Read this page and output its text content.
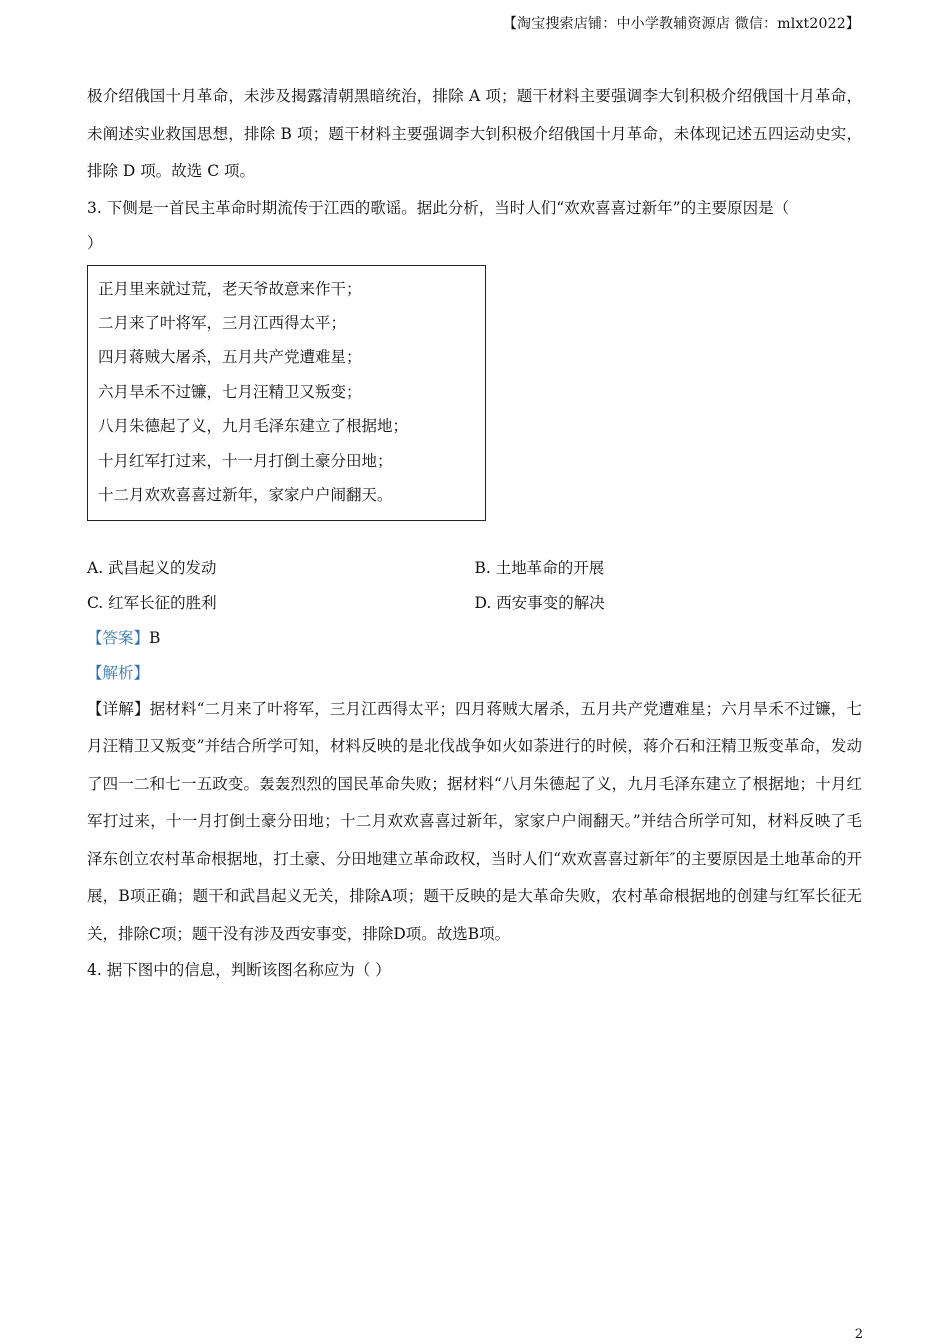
【淘宝搜索店铺：中小学教辅资源店 微信：mlxt2022】

极介绍俄国十月革命，未涉及揭露清朝黑暗统治，排除 A 项；题干材料主要强调李大钊积极介绍俄国十月革命，未阐述实业救国思想，排除 B 项；题干材料主要强调李大钊积极介绍俄国十月革命，未体现记述五四运动史实，排除 D 项。故选 C 项。

3. 下侧是一首民主革命时期流传于江西的歌谣。据此分析，当时人们“欢欢喜喜过新年”的主要原因是（
）

正月里来就过荒，老天爷故意来作干；

二月来了叶将军，三月江西得太平；

四月蒋贼大屠杀，五月共产党遭难星；

六月旱禾不过镰，七月汪精卫又叛变；

八月朱德起了义，九月毛泽东建立了根据地；

十月红军打过来，十一月打倒土豪分田地；

十二月欢欢喜喜过新年，家家户户闹翻天。

A. 武昌起义的发动	B. 土地革命的开展
C. 红军长征的胜利	D. 西安事变的解决

【答案】B

【解析】

【详解】据材料“二月来了叶将军，三月江西得太平；四月蒋贼大屠杀，五月共产党遭难星；六月旱禾不过镰，七月汪精卫又叛变”并结合所学可知，材料反映的是北伐战争如火如荼进行的时候，蒋介石和汪精卫叛变革命，发动了四一二和七一五政变。轰轰烈烈的国民革命失败；据材料“八月朱德起了义，九月毛泽东建立了根据地；十月红军打过来，十一月打倒土豪分田地；十二月欢欢喜喜过新年，家家户户闹翻天。”并结合所学可知，材料反映了毛泽东创立农村革命根据地，打土豪、分田地建立革命政权，当时人们“欢欢喜喜过新年″的主要原因是土地革命的开展，B项正确；题干和武昌起义无关，排除A项；题干反映的是大革命失败，农村革命根据地的创建与红军长征无关，排除C项；题干没有涉及西安事变，排除D项。故选B项。

4. 据下图中的信息，判断该图名称应为（ ）

2
